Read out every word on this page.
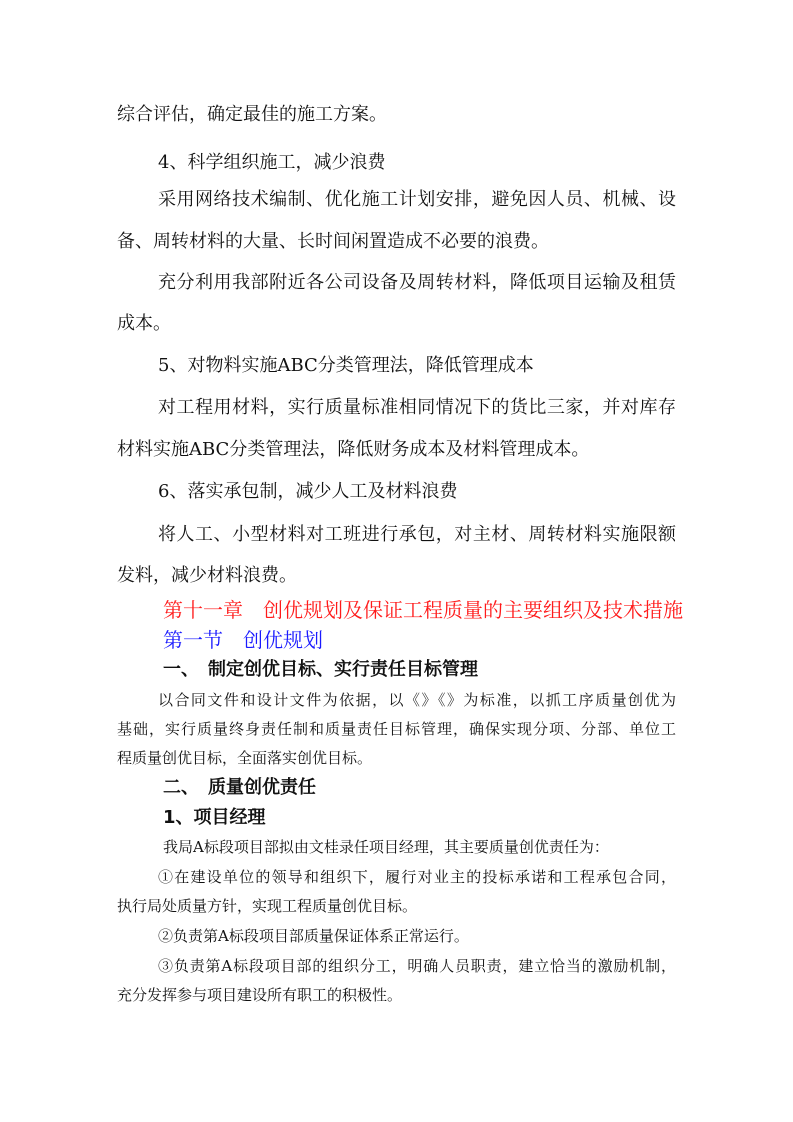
综合评估，确定最佳的施工方案。
4、科学组织施工，减少浪费
采用网络技术编制、优化施工计划安排，避免因人员、机械、设
备、周转材料的大量、长时间闲置造成不必要的浪费。
充分利用我部附近各公司设备及周转材料，降低项目运输及租赁
成本。
5、对物料实施ABC分类管理法，降低管理成本
对工程用材料，实行质量标准相同情况下的货比三家，并对库存
材料实施ABC分类管理法，降低财务成本及材料管理成本。
6、落实承包制，减少人工及材料浪费
将人工、小型材料对工班进行承包，对主材、周转材料实施限额
发料，减少材料浪费。
第十一章　创优规划及保证工程质量的主要组织及技术措施
第一节　创优规划
一、　制定创优目标、实行责任目标管理
以合同文件和设计文件为依据，以《》《》为标准，以抓工序质量创优为
基础，实行质量终身责任制和质量责任目标管理，确保实现分项、分部、单位工
程质量创优目标，全面落实创优目标。
二、　质量创优责任
1、项目经理
我局A标段项目部拟由文桂录任项目经理，其主要质量创优责任为：
①在建设单位的领导和组织下，履行对业主的投标承诺和工程承包合同，
执行局处质量方针，实现工程质量创优目标。
②负责第A标段项目部质量保证体系正常运行。
③负责第A标段项目部的组织分工，明确人员职责，建立恰当的激励机制，
充分发挥参与项目建设所有职工的积极性。
